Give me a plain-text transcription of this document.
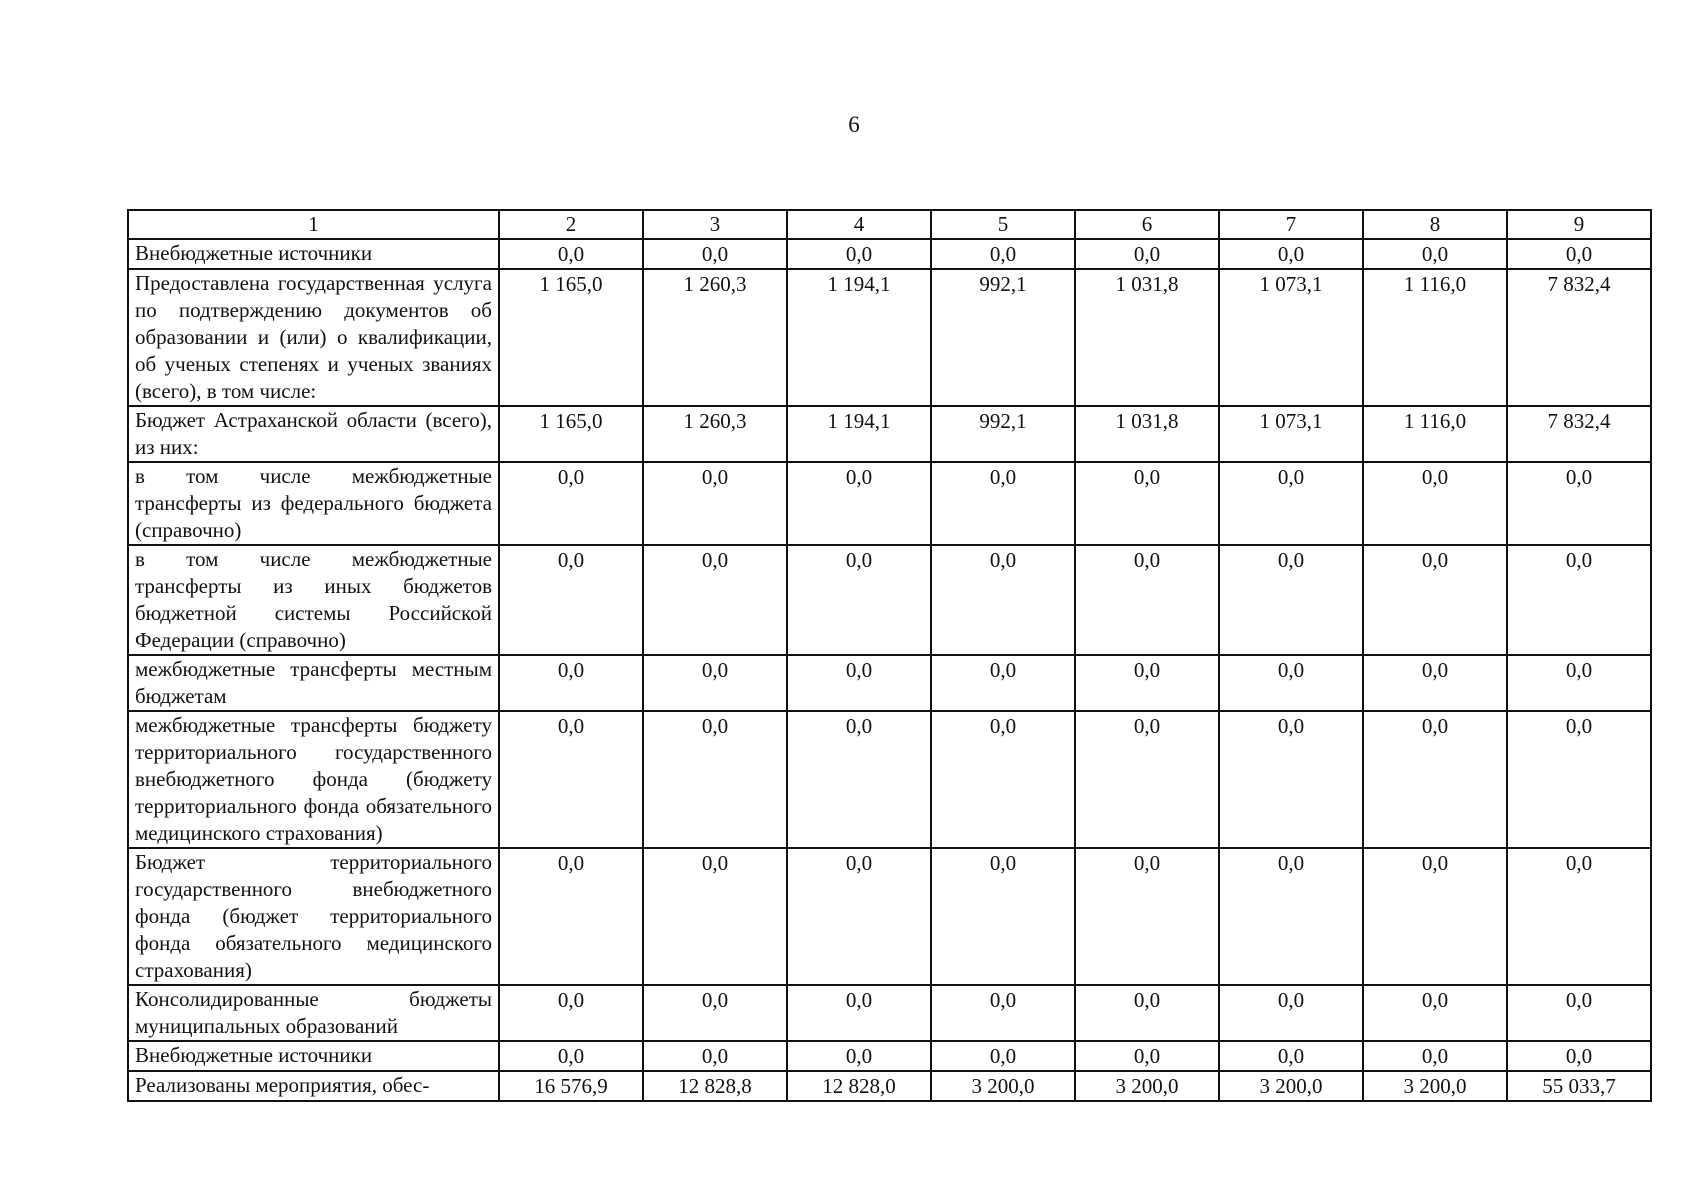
6
1	2	3	4	5	6	7	8	9
Внебюджетные источники	0,0	0,0	0,0	0,0	0,0	0,0	0,0	0,0
Предоставлена государственная услуга по подтверждению документов об образовании и (или) о квалификации, об ученых степенях и ученых званиях (всего), в том числе:	1 165,0	1 260,3	1 194,1	992,1	1 031,8	1 073,1	1 116,0	7 832,4
Бюджет Астраханской области (всего), из них:	1 165,0	1 260,3	1 194,1	992,1	1 031,8	1 073,1	1 116,0	7 832,4
в том числе межбюджетные трансферты из федерального бюджета (справочно)	0,0	0,0	0,0	0,0	0,0	0,0	0,0	0,0
в том числе межбюджетные трансферты из иных бюджетов бюджетной системы Российской Федерации (справочно)	0,0	0,0	0,0	0,0	0,0	0,0	0,0	0,0
межбюджетные трансферты местным бюджетам	0,0	0,0	0,0	0,0	0,0	0,0	0,0	0,0
межбюджетные трансферты бюджету территориального государственного внебюджетного фонда (бюджету территориального фонда обязательного медицинского страхования)	0,0	0,0	0,0	0,0	0,0	0,0	0,0	0,0
Бюджет территориального государственного внебюджетного фонда (бюджет территориального фонда обязательного медицинского страхования)	0,0	0,0	0,0	0,0	0,0	0,0	0,0	0,0
Консолидированные бюджеты муниципальных образований	0,0	0,0	0,0	0,0	0,0	0,0	0,0	0,0
Внебюджетные источники	0,0	0,0	0,0	0,0	0,0	0,0	0,0	0,0
Реализованы мероприятия, обес-	16 576,9	12 828,8	12 828,0	3 200,0	3 200,0	3 200,0	3 200,0	55 033,7
